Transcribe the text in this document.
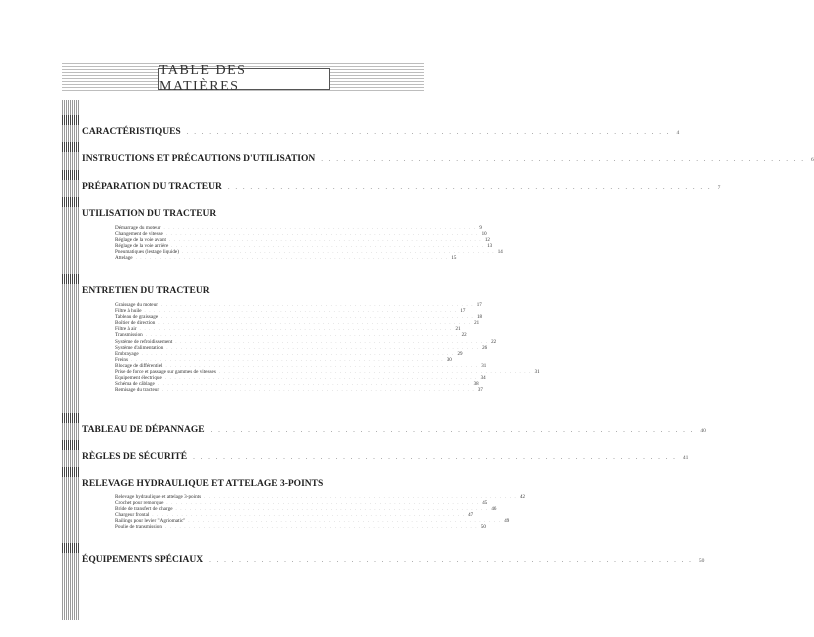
TABLE DES MATIÈRES
CARACTÉRISTIQUES . . . . . . . . . . . . . . . . . . . . . . . . . . . . . . . . . . . . . . . . . . . . . . . . . . . . . . . . . . . . . . . . . 4
INSTRUCTIONS ET PRÉCAUTIONS D'UTILISATION . . . . . . . . . . . . . . . . . . . . . . . . . . . . . . . . . . . . . . . . . . . . . . . . . . . . . . . . . . . . . . . . . 6
PRÉPARATION DU TRACTEUR . . . . . . . . . . . . . . . . . . . . . . . . . . . . . . . . . . . . . . . . . . . . . . . . . . . . . . . . . . . . . . . . . 7
UTILISATION DU TRACTEUR
Démarrage du moteur . . . . . . . . . . . . . . . . . . . . . . . . . . . . . . . . . . . . . . . . . . . . . . . . . . . . . . . . . . . . . . . . . 9
Changement de vitesse . . . . . . . . . . . . . . . . . . . . . . . . . . . . . . . . . . . . . . . . . . . . . . . . . . . . . . . . . . . . . . . . . 10
Réglage de la voie avant . . . . . . . . . . . . . . . . . . . . . . . . . . . . . . . . . . . . . . . . . . . . . . . . . . . . . . . . . . . . . . . . . 12
Réglage de la voie arrière . . . . . . . . . . . . . . . . . . . . . . . . . . . . . . . . . . . . . . . . . . . . . . . . . . . . . . . . . . . . . . . . . 13
Pneumatiques (lestage liquide) . . . . . . . . . . . . . . . . . . . . . . . . . . . . . . . . . . . . . . . . . . . . . . . . . . . . . . . . . . . . . . . . . 14
Attelage . . . . . . . . . . . . . . . . . . . . . . . . . . . . . . . . . . . . . . . . . . . . . . . . . . . . . . . . . . . . . . . . . 15
ENTRETIEN DU TRACTEUR
Graissage du moteur . . . . . . . . . . . . . . . . . . . . . . . . . . . . . . . . . . . . . . . . . . . . . . . . . . . . . . . . . . . . . . . . . 17
Filtre à huile . . . . . . . . . . . . . . . . . . . . . . . . . . . . . . . . . . . . . . . . . . . . . . . . . . . . . . . . . . . . . . . . . 17
Tableau de graissage . . . . . . . . . . . . . . . . . . . . . . . . . . . . . . . . . . . . . . . . . . . . . . . . . . . . . . . . . . . . . . . . . 18
Boîtier de direction . . . . . . . . . . . . . . . . . . . . . . . . . . . . . . . . . . . . . . . . . . . . . . . . . . . . . . . . . . . . . . . . . 21
Filtre à air . . . . . . . . . . . . . . . . . . . . . . . . . . . . . . . . . . . . . . . . . . . . . . . . . . . . . . . . . . . . . . . . . 21
Transmission . . . . . . . . . . . . . . . . . . . . . . . . . . . . . . . . . . . . . . . . . . . . . . . . . . . . . . . . . . . . . . . . . 22
Système de refroidissement . . . . . . . . . . . . . . . . . . . . . . . . . . . . . . . . . . . . . . . . . . . . . . . . . . . . . . . . . . . . . . . . . 22
Système d'alimentation . . . . . . . . . . . . . . . . . . . . . . . . . . . . . . . . . . . . . . . . . . . . . . . . . . . . . . . . . . . . . . . . . 26
Embrayage . . . . . . . . . . . . . . . . . . . . . . . . . . . . . . . . . . . . . . . . . . . . . . . . . . . . . . . . . . . . . . . . . 29
Freins . . . . . . . . . . . . . . . . . . . . . . . . . . . . . . . . . . . . . . . . . . . . . . . . . . . . . . . . . . . . . . . . . 30
Blocage de différentiel . . . . . . . . . . . . . . . . . . . . . . . . . . . . . . . . . . . . . . . . . . . . . . . . . . . . . . . . . . . . . . . . . 31
Prise de force et passage sur gammes de vitesses . . . . . . . . . . . . . . . . . . . . . . . . . . . . . . . . . . . . . . . . . . . . . . . . . . . . . . . . . . . . . . . . . 31
Equipement électrique . . . . . . . . . . . . . . . . . . . . . . . . . . . . . . . . . . . . . . . . . . . . . . . . . . . . . . . . . . . . . . . . . 34
Schéma de câblage . . . . . . . . . . . . . . . . . . . . . . . . . . . . . . . . . . . . . . . . . . . . . . . . . . . . . . . . . . . . . . . . . 38
Remisage du tracteur . . . . . . . . . . . . . . . . . . . . . . . . . . . . . . . . . . . . . . . . . . . . . . . . . . . . . . . . . . . . . . . . . 37
TABLEAU DE DÉPANNAGE . . . . . . . . . . . . . . . . . . . . . . . . . . . . . . . . . . . . . . . . . . . . . . . . . . . . . . . . . . . . . . . . . 40
RÈGLES DE SÉCURITÉ . . . . . . . . . . . . . . . . . . . . . . . . . . . . . . . . . . . . . . . . . . . . . . . . . . . . . . . . . . . . . . . . . 41
RELEVAGE HYDRAULIQUE ET ATTELAGE 3-POINTS
Relevage hydraulique et attelage 3-points . . . . . . . . . . . . . . . . . . . . . . . . . . . . . . . . . . . . . . . . . . . . . . . . . . . . . . . . . . . . . . . . . 42
Crochet pour remorque . . . . . . . . . . . . . . . . . . . . . . . . . . . . . . . . . . . . . . . . . . . . . . . . . . . . . . . . . . . . . . . . . 45
Bride de transfert de charge . . . . . . . . . . . . . . . . . . . . . . . . . . . . . . . . . . . . . . . . . . . . . . . . . . . . . . . . . . . . . . . . . 46
Chargeur frontal . . . . . . . . . . . . . . . . . . . . . . . . . . . . . . . . . . . . . . . . . . . . . . . . . . . . . . . . . . . . . . . . . 47
Railings pour levier "Agriomatic" . . . . . . . . . . . . . . . . . . . . . . . . . . . . . . . . . . . . . . . . . . . . . . . . . . . . . . . . . . . . . . . . . 49
Poulie de transmission . . . . . . . . . . . . . . . . . . . . . . . . . . . . . . . . . . . . . . . . . . . . . . . . . . . . . . . . . . . . . . . . . 50
ÉQUIPEMENTS SPÉCIAUX . . . . . . . . . . . . . . . . . . . . . . . . . . . . . . . . . . . . . . . . . . . . . . . . . . . . . . . . . . . . . . . . . 50
